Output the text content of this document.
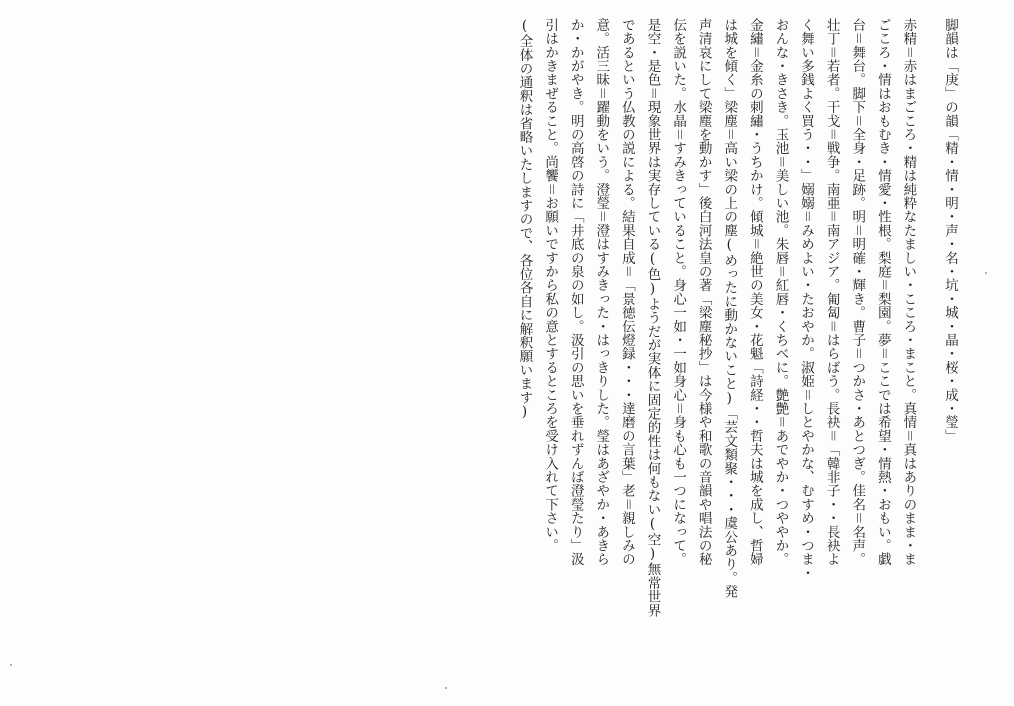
脚韻は「庚」の韻「精・情・明・声・名・坑・城・晶・桜・成・瑩」

赤精＝赤はまごころ・精は純粋なたましい・こころ・まこと。真情＝真はありのまま・ま

ごころ・情はおもむき・情愛・性根。梨庭＝梨園。夢＝ここでは希望・情熱・おもい。戯

台＝舞台。脚下＝全身・足跡。明＝明確・輝き。曹子＝つかさ・あとつぎ。佳名＝名声。

壮丁＝若者。干戈＝戦争。南亜＝南アジア。匍匐＝はらばう。長袂＝「韓非子・・長袂よ

く舞い多銭よく買う・・」嫋嫋＝みめよい・たおやか。淑姫＝しとやかな、むすめ・つま・

おんな・きさき。玉池＝美しい池。朱唇＝紅唇・くちべに。艶艶＝あでやか・つややか。

金繡＝金糸の刺繡・うちかけ。傾城＝絶世の美女・花魁「詩経・・哲夫は城を成し、哲婦

は城を傾く」梁塵＝高い梁の上の塵(めったに動かないこと)「芸文類聚・・・虞公あり。発

声清哀にして梁塵を動かす」後白河法皇の著「梁塵秘抄」は今様や和歌の音韻や唱法の秘

伝を説いた。水晶＝すみきっていること。身心一如・一如身心＝身も心も一つになって。

是空・是色＝現象世界は実存している(色)ようだが実体に固定的性は何もない(空)無常世界

であるという仏教の説による。結果自成＝「景徳伝燈録・・・達磨の言葉」老＝親しみの

意。活三昧＝躍動をいう。澄瑩＝澄はすみきった・はっきりした。瑩はあざやか・あきら

か・かがやき。明の高啓の詩に「井底の泉の如し。汲引の思いを垂れずんば澄瑩たり」汲

引はかきまぜること。尚饗＝お願いですから私の意とするところを受け入れて下さい。

(全体の通釈は省略いたしますので、各位各自に解釈願います)
